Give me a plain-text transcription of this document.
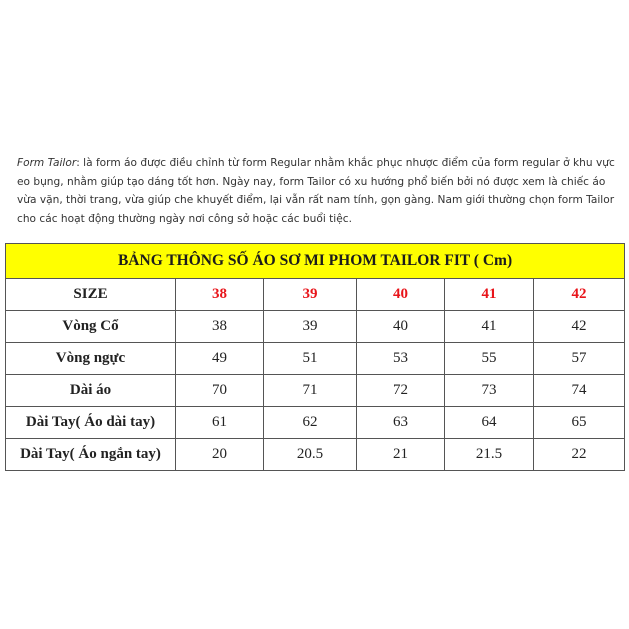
Form Tailor: là form áo được điều chỉnh từ form Regular nhằm khắc phục nhược điểm của form regular ở khu vực eo bụng, nhằm giúp tạo dáng tốt hơn. Ngày nay, form Tailor có xu hướng phổ biến bởi nó được xem là chiếc áo vừa vặn, thời trang, vừa giúp che khuyết điểm, lại vẫn rất nam tính, gọn gàng. Nam giới thường chọn form Tailor cho các hoạt động thường ngày nơi công sở hoặc các buổi tiệc.
BẢNG THÔNG SỐ ÁO SƠ MI PHOM TAILOR FIT ( Cm)					
SIZE	38	39	40	41	42
Vòng Cổ	38	39	40	41	42
Vòng ngực	49	51	53	55	57
Dài áo	70	71	72	73	74
Dài Tay( Áo dài tay)	61	62	63	64	65
Dài Tay( Áo ngắn tay)	20	20.5	21	21.5	22
